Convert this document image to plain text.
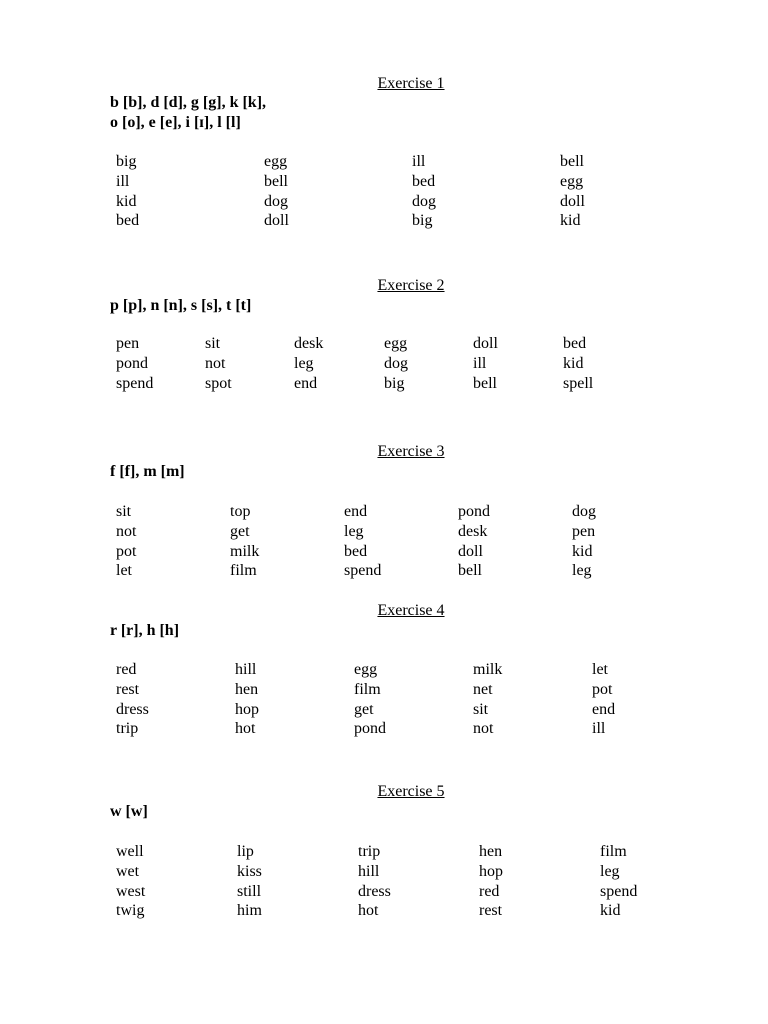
Exercise 1
b [b], d [d], g [g], k [k],
o [o], e [e], i [ɪ], l [l]
big
ill
kid
bed
egg
bell
dog
doll
ill
bed
dog
big
bell
egg
doll
kid
Exercise 2
p [p], n [n], s [s], t [t]
pen
pond
spend
sit
not
spot
desk
leg
end
egg
dog
big
doll
ill
bell
bed
kid
spell
Exercise 3
f [f], m [m]
sit
not
pot
let
top
get
milk
film
end
leg
bed
spend
pond
desk
doll
bell
dog
pen
kid
leg
Exercise 4
r [r], h [h]
red
rest
dress
trip
hill
hen
hop
hot
egg
film
get
pond
milk
net
sit
not
let
pot
end
ill
Exercise 5
w [w]
well
wet
west
twig
lip
kiss
still
him
trip
hill
dress
hot
hen
hop
red
rest
film
leg
spend
kid
